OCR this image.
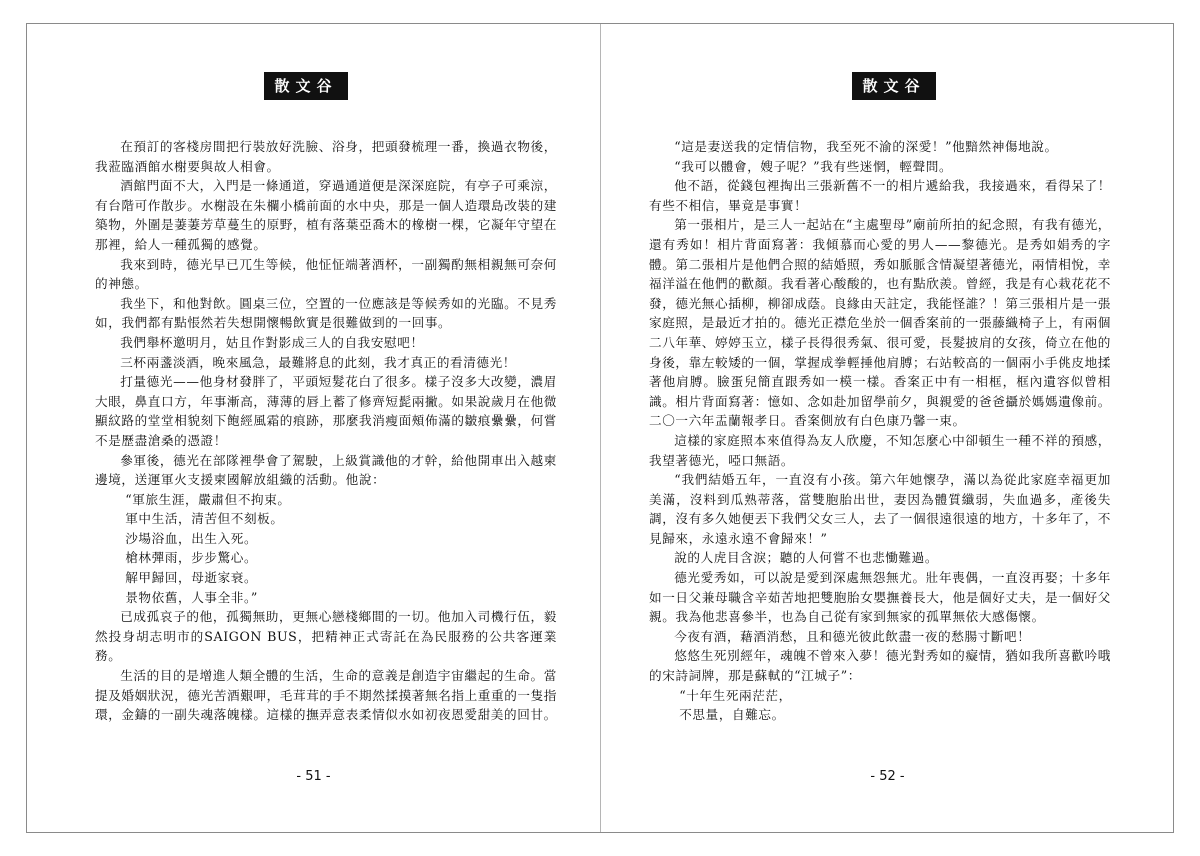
散文谷

在預訂的客棧房間把行裝放好洗臉、浴身，把頭發梳理一番，換過衣物後，我蒞臨酒館水榭要與故人相會。

酒館門面不大，入門是一條通道，穿過通道便是深深庭院，有亭子可乘涼，有台階可作散步。水榭設在朱欄小橋前面的水中央，那是一個人造環島改裝的建築物，外圍是萋萋芳草蔓生的原野，植有落葉亞喬木的橡樹一棵，它凝年守望在那裡，給人一種孤獨的感覺。

我來到時，德光早已兀生等候，他怔怔端著酒杯，一副獨酌無相親無可奈何的神態。

我坐下，和他對飲。圓桌三位，空置的一位應該是等候秀如的光臨。不見秀如，我們都有點悵然若失想開懷暢飲實是很難做到的一回事。

我們舉杯邀明月，姑且作對影成三人的自我安慰吧！

三杯兩盞淡酒，晚來風急，最難將息的此刻，我才真正的看清德光！

打量德光——他身材發胖了，平頭短髮花白了很多。樣子沒多大改變，濃眉大眼，鼻直口方，年事漸高，薄薄的唇上蓄了修齊短髭兩撇。如果說歲月在他微顯紋路的堂堂相貌刻下飽經風霜的痕跡，那麼我消瘦面頰佈滿的皺痕纍纍，何嘗不是歷盡滄桑的憑證！

參軍後，德光在部隊裡學會了駕駛，上級賞識他的才幹，給他開車出入越柬邊境，送運軍火支援柬國解放組織的活動。他說：

“軍旅生涯，嚴肅但不拘束。

軍中生活，清苦但不刻板。

沙場浴血，出生入死。

槍林彈雨，步步驚心。

解甲歸回，母逝家衰。

景物依舊，人事全非。”

已成孤哀子的他，孤獨無助，更無心戀棧鄉間的一切。他加入司機行伍，毅然投身胡志明市的SAIGON BUS，把精神正式寄託在為民服務的公共客運業務。

生活的目的是增進人類全體的生活，生命的意義是創造宇宙繼起的生命。當提及婚姻狀況，德光苦酒艱呷，毛茸茸的手不期然揉摸著無名指上重重的一隻指環，金鑄的一副失魂落魄樣。這樣的撫弄意表柔情似水如初夜恩愛甜美的回甘。

- 51 -
散文谷

“這是妻送我的定情信物，我至死不渝的深愛！”他黯然神傷地說。

“我可以體會，嫂子呢？”我有些迷惘，輕聲問。

他不語，從錢包裡掏出三張新舊不一的相片遞給我，我接過來，看得呆了！有些不相信，畢竟是事實！

第一張相片，是三人一起站在“主處聖母”廟前所拍的紀念照，有我有德光，還有秀如！相片背面寫著：我傾慕而心愛的男人——黎德光。是秀如娟秀的字體。第二張相片是他們合照的結婚照，秀如脈脈含情凝望著德光，兩情相悅，幸福洋溢在他們的歡顏。我看著心酸酸的，也有點欣羨。曾經，我是有心栽花花不發，德光無心插柳，柳卻成蔭。良緣由天註定，我能怪誰？！第三張相片是一張家庭照，是最近才拍的。德光正襟危坐於一個香案前的一張藤織椅子上，有兩個二八年華、婷婷玉立，樣子長得很秀氣、很可愛，長髮披肩的女孩，倚立在他的身後，靠左較矮的一個，掌握成拳輕捶他肩膊；右站較高的一個兩小手佻皮地揉著他肩膊。臉蛋兒簡直跟秀如一模一樣。香案正中有一相框，框內遺容似曾相識。相片背面寫著：憶如、念如赴加留學前夕，與親愛的爸爸攝於媽媽遺像前。二〇一六年盂蘭報孝日。香案側放有白色康乃馨一束。

這樣的家庭照本來值得為友人欣慶，不知怎麼心中卻頓生一種不祥的預感，我望著德光，啞口無語。

“我們結婚五年，一直沒有小孩。第六年她懷孕，滿以為從此家庭幸福更加美滿，沒料到瓜熟蒂落，當雙胞胎出世，妻因為體質纖弱，失血過多，產後失調，沒有多久她便丟下我們父女三人，去了一個很遠很遠的地方，十多年了，不見歸來，永遠永遠不會歸來！”

說的人虎目含淚；聽的人何嘗不也悲慟難過。

德光愛秀如，可以說是愛到深處無怨無尤。壯年喪偶，一直沒再娶；十多年如一日父兼母職含辛茹苦地把雙胞胎女嬰撫養長大，他是個好丈夫，是一個好父親。我為他悲喜參半，也為自己從有家到無家的孤單無依大感傷懷。

今夜有酒，藉酒消愁，且和德光彼此飲盡一夜的愁腸寸斷吧！

悠悠生死別經年，魂魄不曾來入夢！德光對秀如的癡情，猶如我所喜歡吟哦的宋詩詞牌，那是蘇軾的“江城子”：

“十年生死兩茫茫，

不思量，自難忘。

- 52 -
